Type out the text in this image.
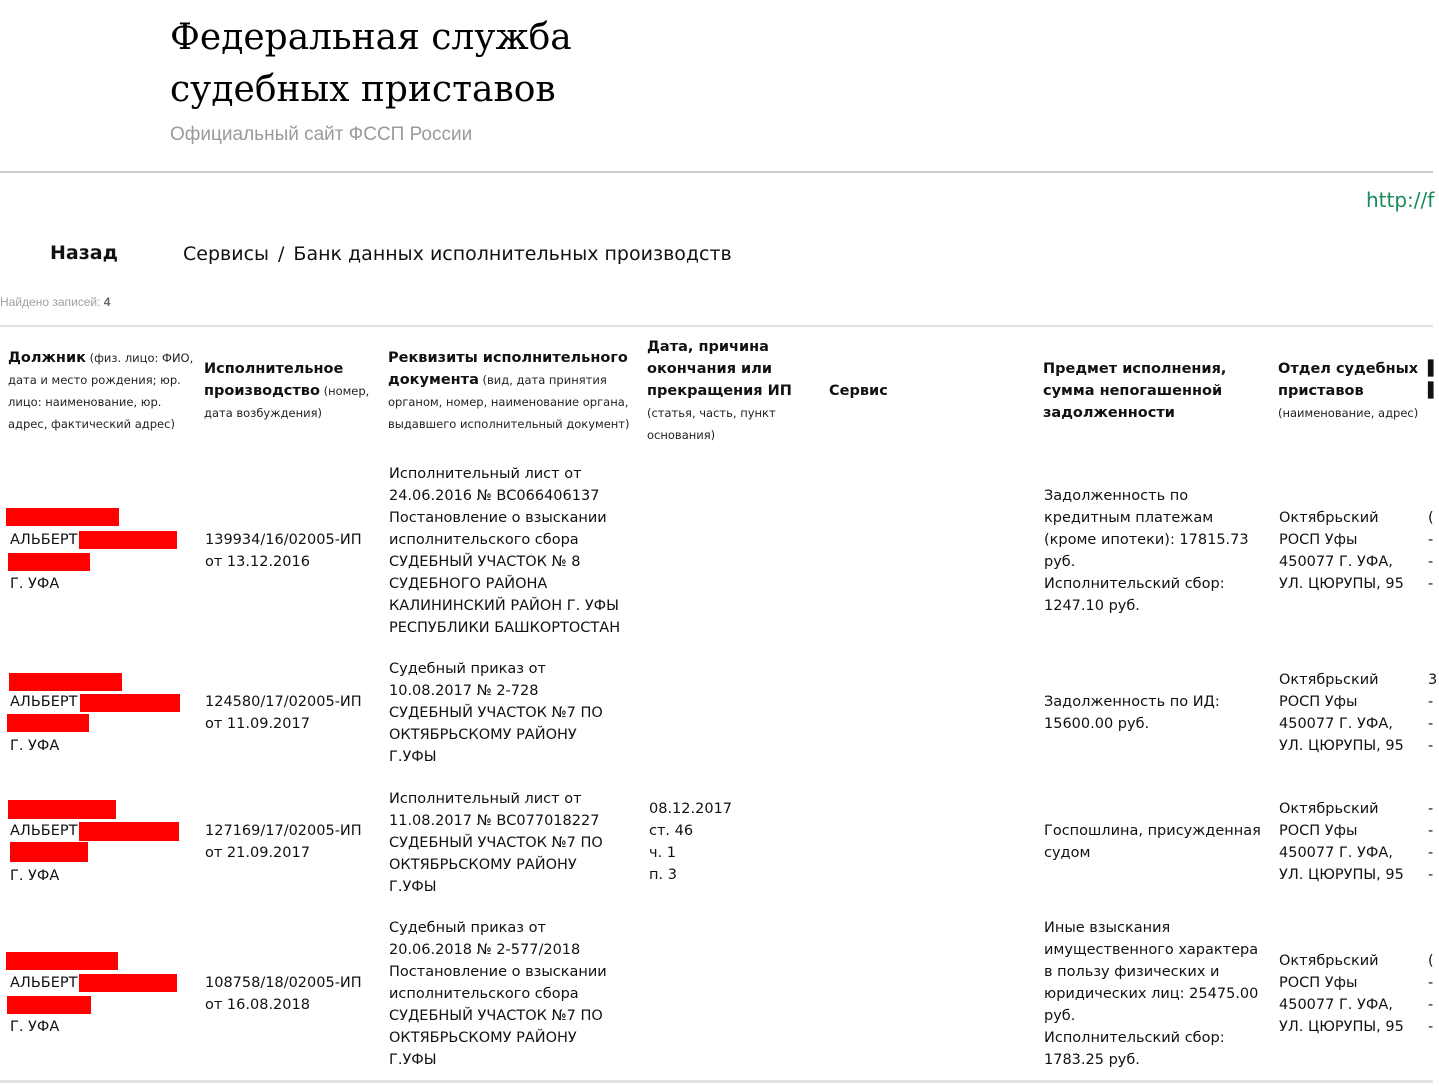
Федеральная служба
судебных приставов
Официальный сайт ФССП России
http://f
Назад	Сервисы / Банк данных исполнительных производств
Найдено записей: 4
Должник (физ. лицо: ФИО, дата и место рождения; юр. лицо: наименование, юр. адрес, фактический адрес)
Исполнительное производство (номер, дата возбуждения)
Реквизиты исполнительного документа (вид, дата принятия органом, номер, наименование органа, выдавшего исполнительный документ)
Дата, причина окончания или прекращения ИП
(статья, часть, пункт основания)
Сервис
Предмет исполнения, сумма непогашенной задолженности
Отдел судебных приставов
(наименование, адрес)
АЛЬБЕРТ
Г. УФА
139934/16/02005-ИП
от 13.12.2016
Исполнительный лист от
24.06.2016 № ВС066406137
Постановление о взыскании
исполнительского сбора
СУДЕБНЫЙ УЧАСТОК № 8
СУДЕБНОГО РАЙОНА
КАЛИНИНСКИЙ РАЙОН Г. УФЫ
РЕСПУБЛИКИ БАШКОРТОСТАН
Задолженность по
кредитным платежам
(кроме ипотеки): 17815.73
руб.
Исполнительский сбор:
1247.10 руб.
Октябрьский
РОСП Уфы
450077 Г. УФА,
УЛ. ЦЮРУПЫ, 95
АЛЬБЕРТ
Г. УФА
124580/17/02005-ИП
от 11.09.2017
Судебный приказ от
10.08.2017 № 2-728
СУДЕБНЫЙ УЧАСТОК №7 ПО
ОКТЯБРЬСКОМУ РАЙОНУ
Г.УФЫ
Задолженность по ИД:
15600.00 руб.
Октябрьский
РОСП Уфы
450077 Г. УФА,
УЛ. ЦЮРУПЫ, 95
АЛЬБЕРТ
Г. УФА
127169/17/02005-ИП
от 21.09.2017
Исполнительный лист от
11.08.2017 № ВС077018227
СУДЕБНЫЙ УЧАСТОК №7 ПО
ОКТЯБРЬСКОМУ РАЙОНУ
Г.УФЫ
08.12.2017
ст. 46
ч. 1
п. 3
Госпошлина, присужденная
судом
Октябрьский
РОСП Уфы
450077 Г. УФА,
УЛ. ЦЮРУПЫ, 95
АЛЬБЕРТ
Г. УФА
108758/18/02005-ИП
от 16.08.2018
Судебный приказ от
20.06.2018 № 2-577/2018
Постановление о взыскании
исполнительского сбора
СУДЕБНЫЙ УЧАСТОК №7 ПО
ОКТЯБРЬСКОМУ РАЙОНУ
Г.УФЫ
Иные взыскания
имущественного характера
в пользу физических и
юридических лиц: 25475.00
руб.
Исполнительский сбор:
1783.25 руб.
Октябрьский
РОСП Уфы
450077 Г. УФА,
УЛ. ЦЮРУПЫ, 95
▌
▌
(
-
-
-
3
-
-
-
-
-
-
-
(
-
-
-
